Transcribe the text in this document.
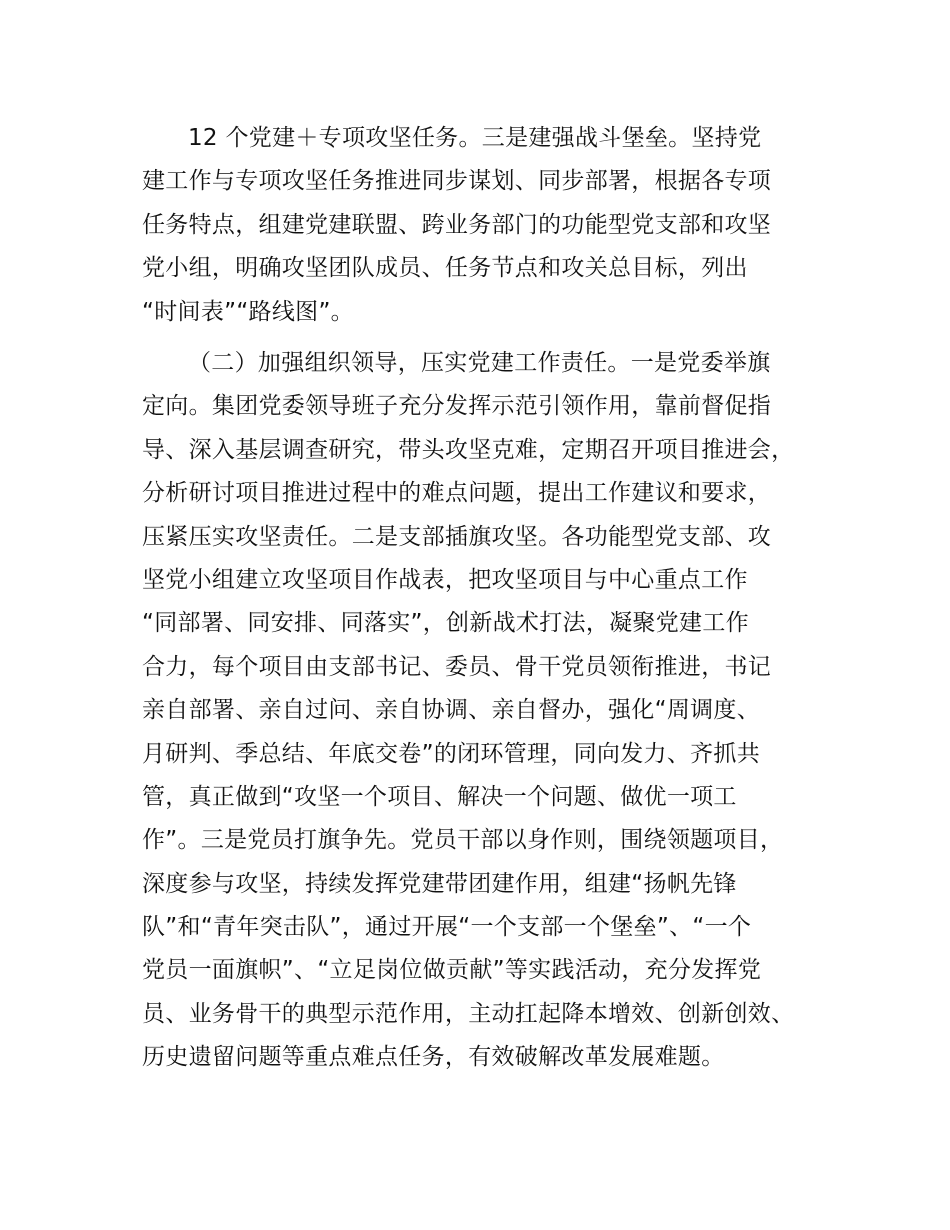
12 个党建＋专项攻坚任务。三是建强战斗堡垒。坚持党
建工作与专项攻坚任务推进同步谋划、同步部署，根据各专项
任务特点，组建党建联盟、跨业务部门的功能型党支部和攻坚
党小组，明确攻坚团队成员、任务节点和攻关总目标，列出
“时间表”“路线图”。
（二）加强组织领导，压实党建工作责任。一是党委举旗
定向。集团党委领导班子充分发挥示范引领作用，靠前督促指
导、深入基层调查研究，带头攻坚克难，定期召开项目推进会，
分析研讨项目推进过程中的难点问题，提出工作建议和要求，
压紧压实攻坚责任。二是支部插旗攻坚。各功能型党支部、攻
坚党小组建立攻坚项目作战表，把攻坚项目与中心重点工作
“同部署、同安排、同落实”，创新战术打法，凝聚党建工作
合力，每个项目由支部书记、委员、骨干党员领衔推进，书记
亲自部署、亲自过问、亲自协调、亲自督办，强化“周调度、
月研判、季总结、年底交卷”的闭环管理，同向发力、齐抓共
管，真正做到“攻坚一个项目、解决一个问题、做优一项工
作”。三是党员打旗争先。党员干部以身作则，围绕领题项目，
深度参与攻坚，持续发挥党建带团建作用，组建“扬帆先锋
队”和“青年突击队”，通过开展“一个支部一个堡垒”、“一个
党员一面旗帜”、“立足岗位做贡献”等实践活动，充分发挥党
员、业务骨干的典型示范作用，主动扛起降本增效、创新创效、
历史遗留问题等重点难点任务，有效破解改革发展难题。
